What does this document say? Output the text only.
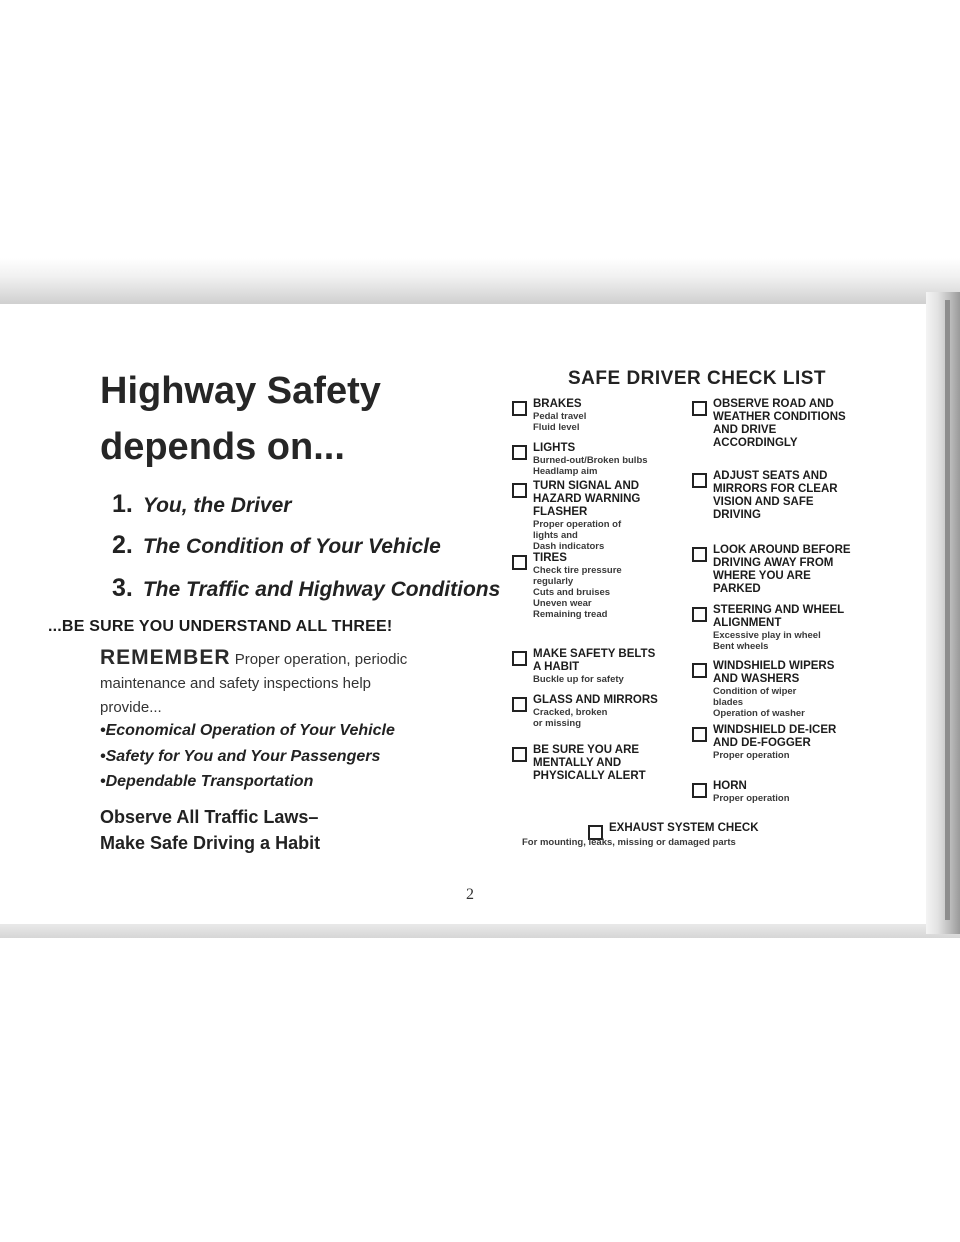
Highway Safety
depends on...
1. You, the Driver
2. The Condition of Your Vehicle
3. The Traffic and Highway Conditions
...BE SURE YOU UNDERSTAND ALL THREE!
REMEMBER Proper operation, periodic maintenance and safety inspections help provide...
•Economical Operation of Your Vehicle
•Safety for You and Your Passengers
•Dependable Transportation
Observe All Traffic Laws–
Make Safe Driving a Habit
SAFE DRIVER CHECK LIST
BRAKES
Pedal travel
Fluid level
LIGHTS
Burned-out/Broken bulbs
Headlamp aim
TURN SIGNAL AND
HAZARD WARNING
FLASHER
Proper operation of
lights and
Dash indicators
TIRES
Check tire pressure
regularly
Cuts and bruises
Uneven wear
Remaining tread
MAKE SAFETY BELTS
A HABIT
Buckle up for safety
GLASS AND MIRRORS
Cracked, broken
or missing
BE SURE YOU ARE
MENTALLY AND
PHYSICALLY ALERT
OBSERVE ROAD AND
WEATHER CONDITIONS
AND DRIVE
ACCORDINGLY
ADJUST SEATS AND
MIRRORS FOR CLEAR
VISION AND SAFE
DRIVING
LOOK AROUND BEFORE
DRIVING AWAY FROM
WHERE YOU ARE
PARKED
STEERING AND WHEEL
ALIGNMENT
Excessive play in wheel
Bent wheels
WINDSHIELD WIPERS
AND WASHERS
Condition of wiper
blades
Operation of washer
WINDSHIELD DE-ICER
AND DE-FOGGER
Proper operation
HORN
Proper operation
EXHAUST SYSTEM CHECK
For mounting, leaks, missing or damaged parts
2
